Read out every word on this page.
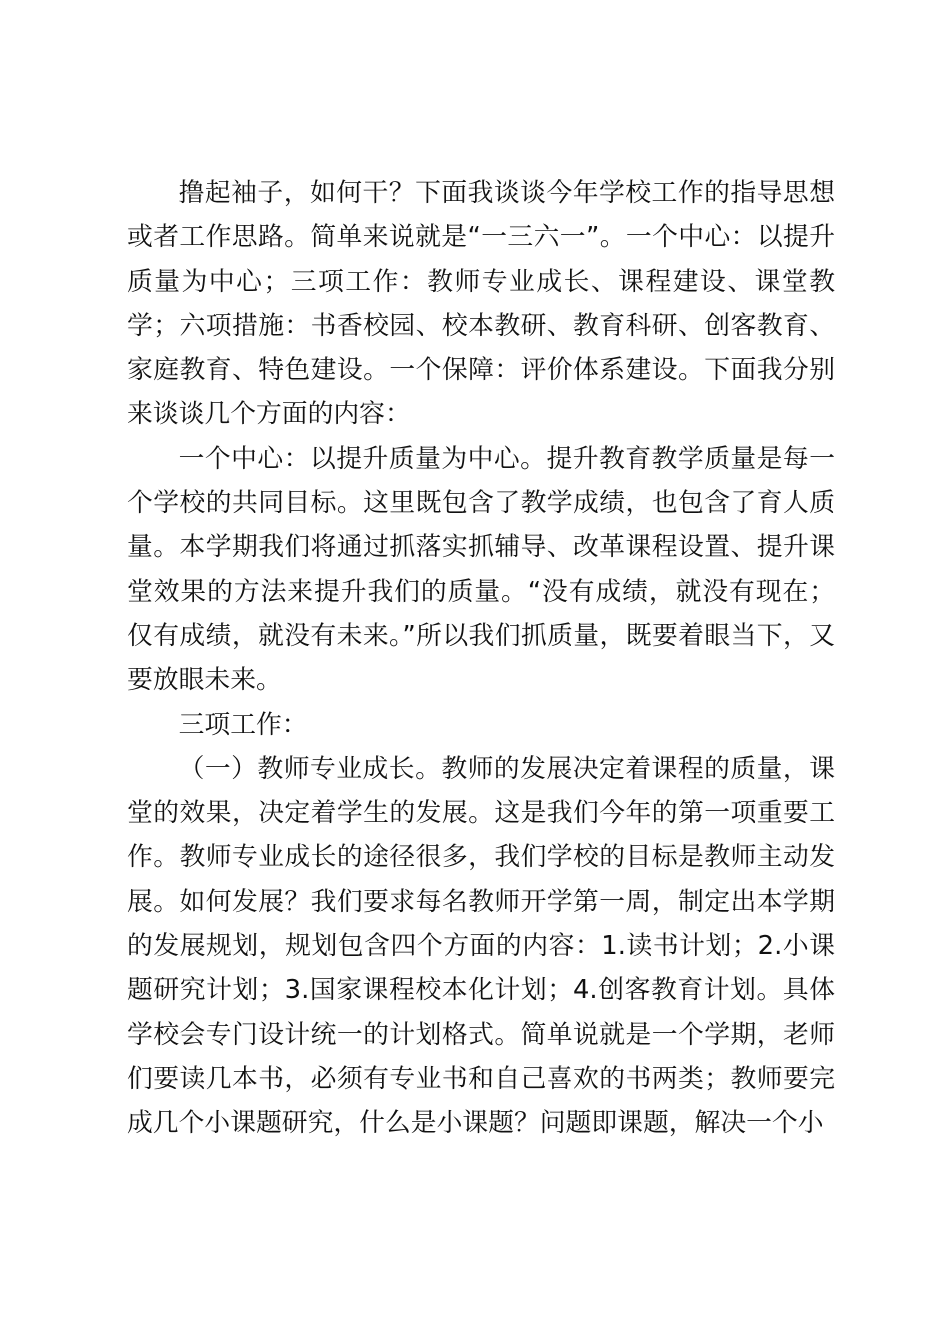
撸起袖子，如何干？下面我谈谈今年学校工作的指导思想或者工作思路。简单来说就是“一三六一”。一个中心：以提升质量为中心；三项工作：教师专业成长、课程建设、课堂教学；六项措施：书香校园、校本教研、教育科研、创客教育、家庭教育、特色建设。一个保障：评价体系建设。下面我分别来谈谈几个方面的内容：

一个中心：以提升质量为中心。提升教育教学质量是每一个学校的共同目标。这里既包含了教学成绩，也包含了育人质量。本学期我们将通过抓落实抓辅导、改革课程设置、提升课堂效果的方法来提升我们的质量。“没有成绩，就没有现在；仅有成绩，就没有未来。”所以我们抓质量，既要着眼当下，又要放眼未来。

三项工作：

（一）教师专业成长。教师的发展决定着课程的质量，课堂的效果，决定着学生的发展。这是我们今年的第一项重要工作。教师专业成长的途径很多，我们学校的目标是教师主动发展。如何发展？我们要求每名教师开学第一周，制定出本学期的发展规划，规划包含四个方面的内容：1.读书计划；2.小课题研究计划；3.国家课程校本化计划；4.创客教育计划。具体学校会专门设计统一的计划格式。简单说就是一个学期，老师们要读几本书，必须有专业书和自己喜欢的书两类；教师要完成几个小课题研究，什么是小课题？问题即课题，解决一个小
